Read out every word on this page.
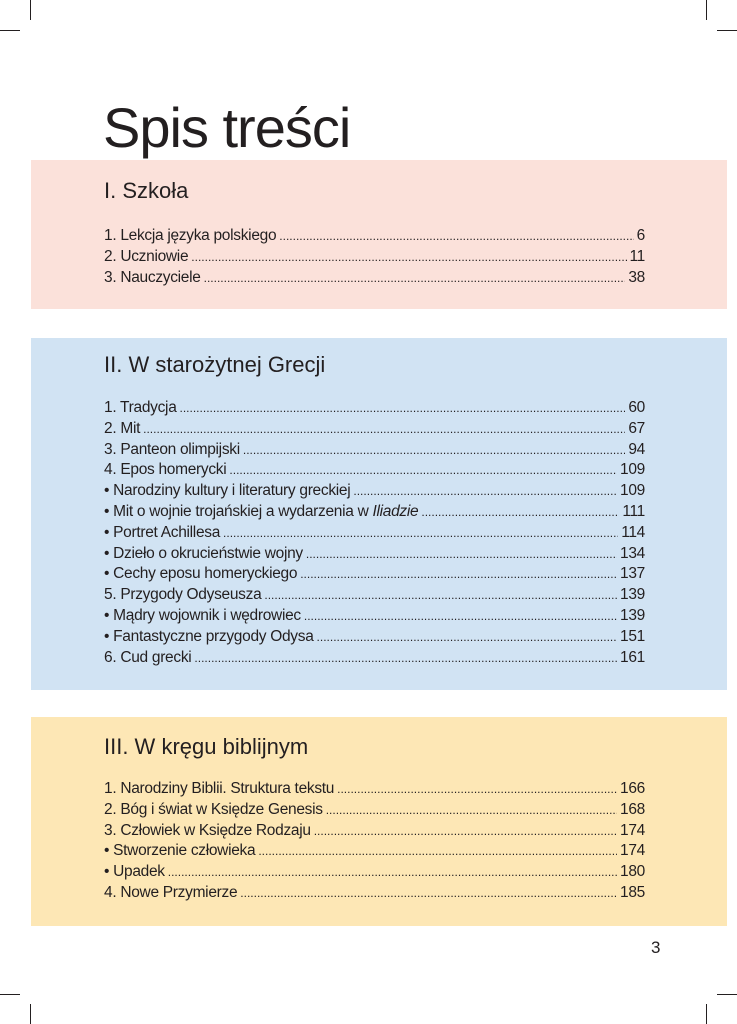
Spis treści
I. Szkoła
1. Lekcja języka polskiego .....	6
2. Uczniowie .....	11
3. Nauczyciele .....	38
II. W starożytnej Grecji
1. Tradycja .....	60
2. Mit .....	67
3. Panteon olimpijski .....	94
4. Epos homerycki .....	109
• Narodziny kultury i literatury greckiej .....	109
• Mit o wojnie trojańskiej a wydarzenia w Iliadzie .....	111
• Portret Achillesa .....	114
• Dzieło o okrucieństwie wojny .....	134
• Cechy eposu homeryckiego .....	137
5. Przygody Odyseusza .....	139
• Mądry wojownik i wędrowiec .....	139
• Fantastyczne przygody Odysa .....	151
6. Cud grecki .....	161
III. W kręgu biblijnym
1. Narodziny Biblii. Struktura tekstu .....	166
2. Bóg i świat w Księdze Genesis .....	168
3. Człowiek w Księdze Rodzaju .....	174
• Stworzenie człowieka .....	174
• Upadek .....	180
4. Nowe Przymierze .....	185
3
